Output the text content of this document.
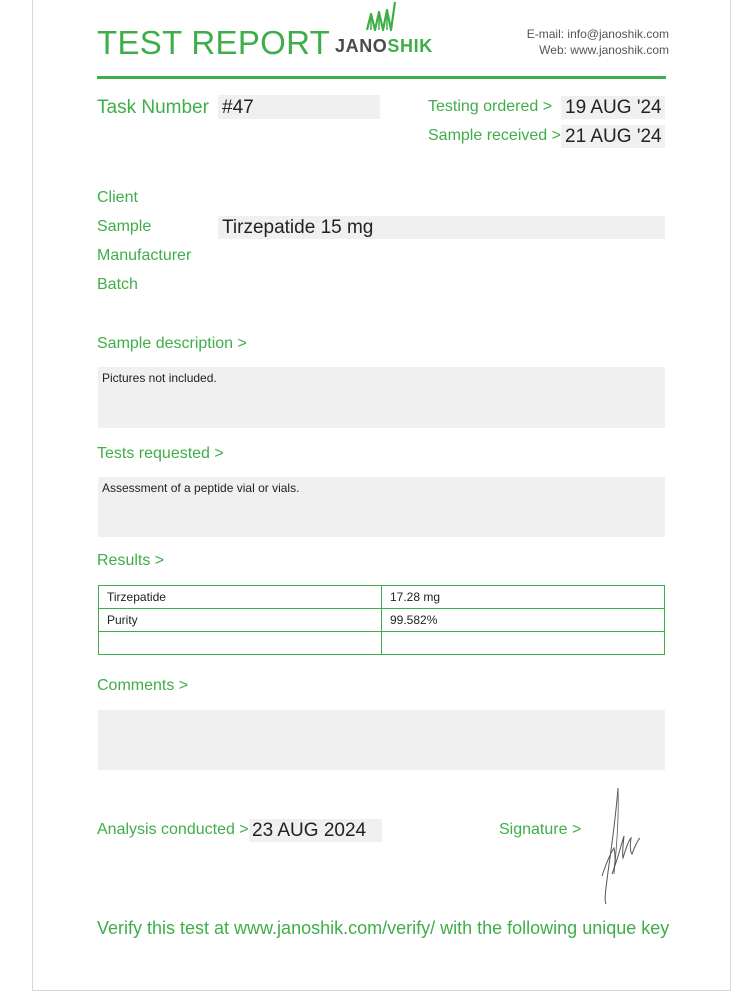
TEST REPORT JANOSHIK
E-mail: info@janoshik.com
Web: www.janoshik.com
Task Number #47	Testing ordered > 19 AUG '24
Sample received > 21 AUG '24
Client
Sample	Tirzepatide 15 mg
Manufacturer
Batch
Sample description >
Pictures not included.
Tests requested >
Assessment of a peptide vial or vials.
Results >
Tirzepatide	17.28 mg
Purity	99.582%

Comments >
Analysis conducted > 23 AUG 2024	Signature >
Verify this test at www.janoshik.com/verify/ with the following unique key
